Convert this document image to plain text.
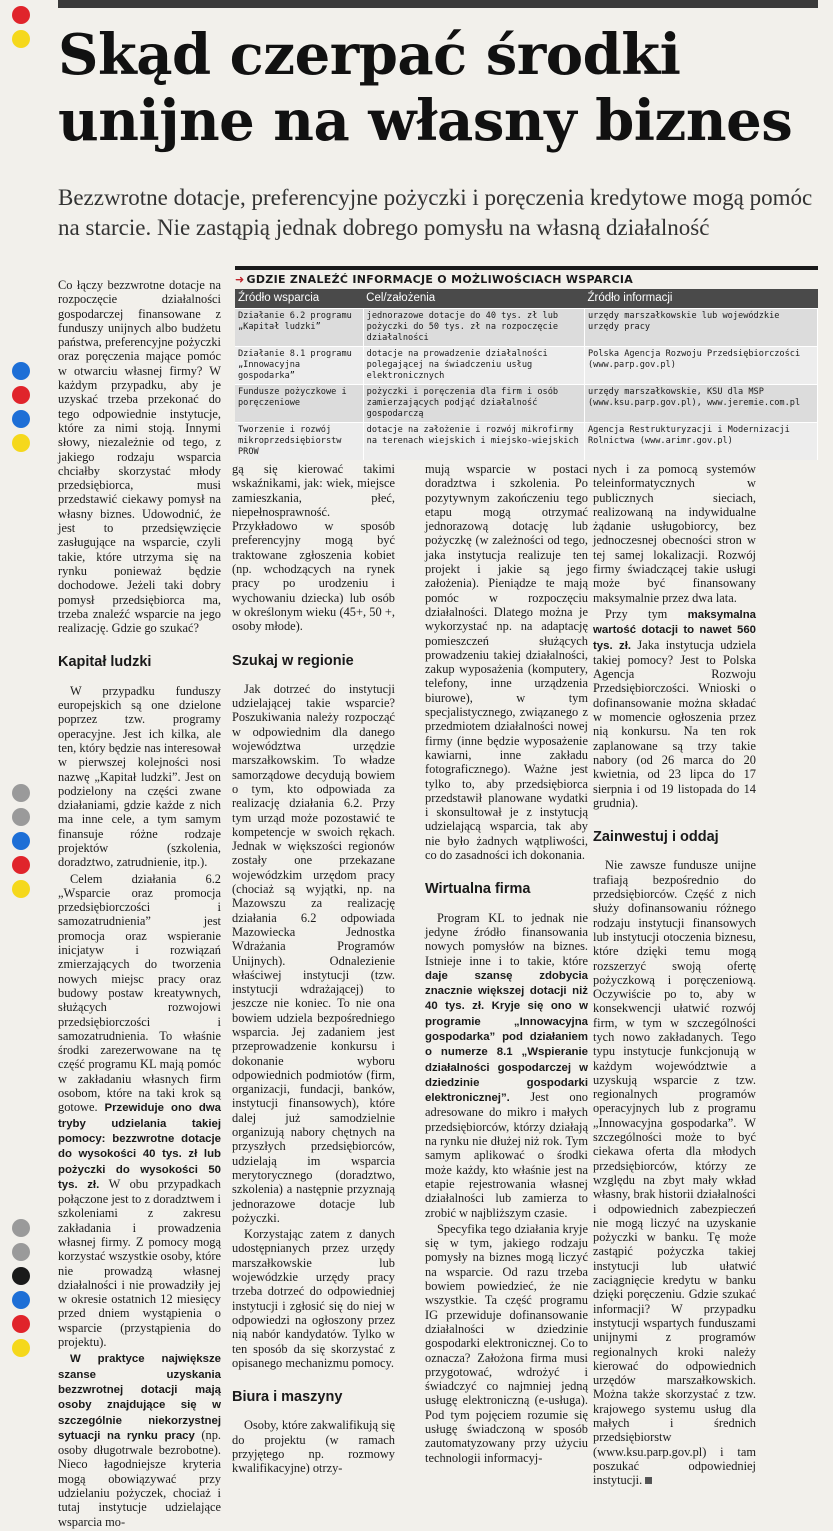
Skąd czerpać środki unijne na własny biznes

Bezzwrotne dotacje, preferencyjne pożyczki i poręczenia kredytowe mogą pomóc na starcie. Nie zastąpią jednak dobrego pomysłu na własną działalność

➜ GDZIE ZNALEŹĆ INFORMACJE O MOŻLIWOŚCIACH WSPARCIA
Źródło wsparcia	Cel/założenia	Źródło informacji
Działanie 6.2 programu „Kapitał ludzki”	jednorazowe dotacje do 40 tys. zł lub pożyczki do 50 tys. zł na rozpoczęcie działalności	urzędy marszałkowskie lub wojewódzkie urzędy pracy
Działanie 8.1 programu „Innowacyjna gospodarka”	dotacje na prowadzenie działalności polegającej na świadczeniu usług elektronicznych	Polska Agencja Rozwoju Przedsiębiorczości (www.parp.gov.pl)
Fundusze pożyczkowe i poręczeniowe	pożyczki i poręczenia dla firm i osób zamierzających podjąć działalność gospodarczą	urzędy marszałkowskie, KSU dla MSP (www.ksu.parp.gov.pl), www.jeremie.com.pl
Tworzenie i rozwój mikroprzedsiębiorstw PROW	dotacje na założenie i rozwój mikrofirmy na terenach wiejskich i miejsko-wiejskich	Agencja Restrukturyzacji i Modernizacji Rolnictwa (www.arimr.gov.pl)

Co łączy bezzwrotne dotacje na rozpoczęcie działalności gospodarczej finansowane z funduszy unijnych albo budżetu państwa, preferencyjne pożyczki oraz poręczenia mające pomóc w otwarciu własnej firmy? W każdym przypadku, aby je uzyskać trzeba przekonać do tego odpowiednie instytucje, które za nimi stoją. Innymi słowy, niezależnie od tego, z jakiego rodzaju wsparcia chciałby skorzystać młody przedsiębiorca, musi przedstawić ciekawy pomysł na własny biznes. Udowodnić, że jest to przedsięwzięcie zasługujące na wsparcie, czyli takie, które utrzyma się na rynku ponieważ będzie dochodowe. Jeżeli taki dobry pomysł przedsiębiorca ma, trzeba znaleźć wsparcie na jego realizację. Gdzie go szukać?

Kapitał ludzki

W przypadku funduszy europejskich są one dzielone poprzez tzw. programy operacyjne. Jest ich kilka, ale ten, który będzie nas interesował w pierwszej kolejności nosi nazwę „Kapitał ludzki”. Jest on podzielony na części zwane działaniami, gdzie każde z nich ma inne cele, a tym samym finansuje różne rodzaje projektów (szkolenia, doradztwo, zatrudnienie, itp.).

Celem działania 6.2 „Wsparcie oraz promocja przedsiębiorczości i samozatrudnienia” jest promocja oraz wspieranie inicjatyw i rozwiązań zmierzających do tworzenia nowych miejsc pracy oraz budowy postaw kreatywnych, służących rozwojowi przedsiębiorczości i samozatrudnienia. To właśnie środki zarezerwowane na tę część programu KL mają pomóc w zakładaniu własnych firm osobom, które na taki krok są gotowe. Przewiduje ono dwa tryby udzielania takiej pomocy: bezzwrotne dotacje do wysokości 40 tys. zł lub pożyczki do wysokości 50 tys. zł. W obu przypadkach połączone jest to z doradztwem i szkoleniami z zakresu zakładania i prowadzenia własnej firmy. Z pomocy mogą korzystać wszystkie osoby, które nie prowadzą własnej działalności i nie prowadziły jej w okresie ostatnich 12 miesięcy przed dniem wystąpienia o wsparcie (przystąpienia do projektu).

W praktyce największe szanse uzyskania bezzwrotnej dotacji mają osoby znajdujące się w szczególnie niekorzystnej sytuacji na rynku pracy (np. osoby długotrwale bezrobotne). Nieco łagodniejsze kryteria mogą obowiązywać przy udzielaniu pożyczek, chociaż i tutaj instytucje udzielające wsparcia mo-

gą się kierować takimi wskaźnikami, jak: wiek, miejsce zamieszkania, płeć, niepełnosprawność. Przykładowo w sposób preferencyjny mogą być traktowane zgłoszenia kobiet (np. wchodzących na rynek pracy po urodzeniu i wychowaniu dziecka) lub osób w określonym wieku (45+, 50 +, osoby młode).

Szukaj w regionie

Jak dotrzeć do instytucji udzielającej takie wsparcie? Poszukiwania należy rozpocząć w odpowiednim dla danego województwa urzędzie marszałkowskim. To władze samorządowe decydują bowiem o tym, kto odpowiada za realizację działania 6.2. Przy tym urząd może pozostawić te kompetencje w swoich rękach. Jednak w większości regionów zostały one przekazane wojewódzkim urzędom pracy (chociaż są wyjątki, np. na Mazowszu za realizację działania 6.2 odpowiada Mazowiecka Jednostka Wdrażania Programów Unijnych). Odnalezienie właściwej instytucji (tzw. instytucji wdrażającej) to jeszcze nie koniec. To nie ona bowiem udziela bezpośredniego wsparcia. Jej zadaniem jest przeprowadzenie konkursu i dokonanie wyboru odpowiednich podmiotów (firm, organizacji, fundacji, banków, instytucji finansowych), które dalej już samodzielnie organizują nabory chętnych na przyszłych przedsiębiorców, udzielają im wsparcia merytorycznego (doradztwo, szkolenia) a następnie przyznają jednorazowe dotacje lub pożyczki.

Korzystając zatem z danych udostępnianych przez urzędy marszałkowskie lub wojewódzkie urzędy pracy trzeba dotrzeć do odpowiedniej instytucji i zgłosić się do niej w odpowiedzi na ogłoszony przez nią nabór kandydatów. Tylko w ten sposób da się skorzystać z opisanego mechanizmu pomocy.

Biura i maszyny

Osoby, które zakwalifikują się do projektu (w ramach przyjętego np. rozmowy kwalifikacyjne) otrzy-

mują wsparcie w postaci doradztwa i szkolenia. Po pozytywnym zakończeniu tego etapu mogą otrzymać jednorazową dotację lub pożyczkę (w zależności od tego, jaka instytucja realizuje ten projekt i jakie są jego założenia). Pieniądze te mają pomóc w rozpoczęciu działalności. Dlatego można je wykorzystać np. na adaptację pomieszczeń służących prowadzeniu takiej działalności, zakup wyposażenia (komputery, telefony, inne urządzenia biurowe), w tym specjalistycznego, związanego z przedmiotem działalności nowej firmy (inne będzie wyposażenie kawiarni, inne zakładu fotograficznego). Ważne jest tylko to, aby przedsiębiorca przedstawił planowane wydatki i skonsultował je z instytucją udzielającą wsparcia, tak aby nie było żadnych wątpliwości, co do zasadności ich dokonania.

Wirtualna firma

Program KL to jednak nie jedyne źródło finansowania nowych pomysłów na biznes. Istnieje inne i to takie, które daje szansę zdobycia znacznie większej dotacji niż 40 tys. zł. Kryje się ono w programie „Innowacyjna gospodarka” pod działaniem o numerze 8.1 „Wspieranie działalności gospodarczej w dziedzinie gospodarki elektronicznej”. Jest ono adresowane do mikro i małych przedsiębiorców, którzy działają na rynku nie dłużej niż rok. Tym samym aplikować o środki może każdy, kto właśnie jest na etapie rejestrowania własnej działalności lub zamierza to zrobić w najbliższym czasie.

Specyfika tego działania kryje się w tym, jakiego rodzaju pomysły na biznes mogą liczyć na wsparcie. Od razu trzeba bowiem powiedzieć, że nie wszystkie. Ta część programu IG przewiduje dofinansowanie działalności w dziedzinie gospodarki elektronicznej. Co to oznacza? Założona firma musi przygotować, wdrożyć i świadczyć co najmniej jedną usługę elektroniczną (e-usługa). Pod tym pojęciem rozumie się usługę świadczoną w sposób zautomatyzowany przy użyciu technologii informacyj-

nych i za pomocą systemów teleinformatycznych w publicznych sieciach, realizowaną na indywidualne żądanie usługobiorcy, bez jednoczesnej obecności stron w tej samej lokalizacji. Rozwój firmy świadczącej takie usługi może być finansowany maksymalnie przez dwa lata.

Przy tym maksymalna wartość dotacji to nawet 560 tys. zł. Jaka instytucja udziela takiej pomocy? Jest to Polska Agencja Rozwoju Przedsiębiorczości. Wnioski o dofinansowanie można składać w momencie ogłoszenia przez nią konkursu. Na ten rok zaplanowane są trzy takie nabory (od 26 marca do 20 kwietnia, od 23 lipca do 17 sierpnia i od 19 listopada do 14 grudnia).

Zainwestuj i oddaj

Nie zawsze fundusze unijne trafiają bezpośrednio do przedsiębiorców. Część z nich służy dofinansowaniu różnego rodzaju instytucji finansowych lub instytucji otoczenia biznesu, które dzięki temu mogą rozszerzyć swoją ofertę pożyczkową i poręczeniową. Oczywiście po to, aby w konsekwencji ułatwić rozwój firm, w tym w szczególności tych nowo zakładanych. Tego typu instytucje funkcjonują w każdym województwie a uzyskują wsparcie z tzw. regionalnych programów operacyjnych lub z programu „Innowacyjna gospodarka”. W szczególności może to być ciekawa oferta dla młodych przedsiębiorców, którzy ze względu na zbyt mały wkład własny, brak historii działalności i odpowiednich zabezpieczeń nie mogą liczyć na uzyskanie pożyczki w banku. Tę może zastąpić pożyczka takiej instytucji lub ułatwić zaciągnięcie kredytu w banku dzięki poręczeniu. Gdzie szukać informacji? W przypadku instytucji wspartych funduszami unijnymi z programów regionalnych kroki należy kierować do odpowiednich urzędów marszałkowskich. Można także skorzystać z tzw. krajowego systemu usług dla małych i średnich przedsiębiorstw (www.ksu.parp.gov.pl) i tam poszukać odpowiedniej instytucji.
